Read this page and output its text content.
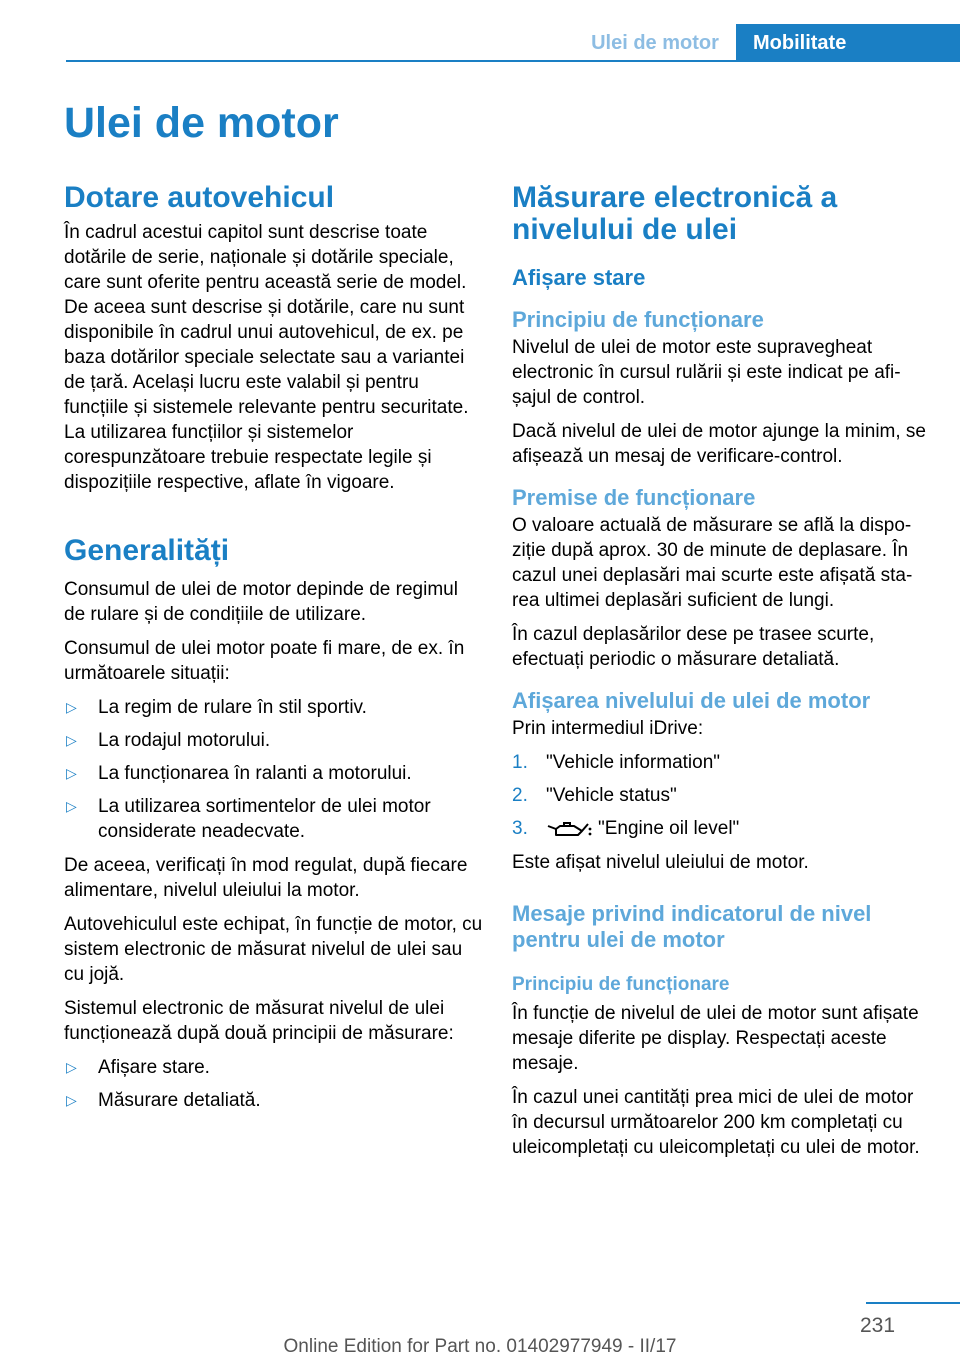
Ulei de motor	Mobilitate
Ulei de motor
Dotare autovehicul

În cadrul acestui capitol sunt descrise toate dotările de serie, naționale și dotările speciale, care sunt oferite pentru această serie de model. De aceea sunt descrise și dotările, care nu sunt disponibile în cadrul unui autovehicul, de ex. pe baza dotărilor speciale selectate sau a variantei de țară. Același lucru este valabil și pentru funcțiile și sistemele relevante pentru securitate. La utilizarea funcțiilor și sistemelor corespunzătoare trebuie respectate legile și dispozițiile respective, aflate în vigoare.

Generalități

Consumul de ulei de motor depinde de regimul de rulare și de condițiile de utilizare.

Consumul de ulei motor poate fi mare, de ex. în următoarele situații:

▷ La regim de rulare în stil sportiv.
▷ La rodajul motorului.
▷ La funcționarea în ralanti a motorului.
▷ La utilizarea sortimentelor de ulei motor considerate neadecvate.

De aceea, verificați în mod regulat, după fiecare alimentare, nivelul uleiului la motor.

Autovehiculul este echipat, în funcție de motor, cu sistem electronic de măsurat nivelul de ulei sau cu jojă.

Sistemul electronic de măsurat nivelul de ulei funcționează după două principii de măsurare:

▷ Afișare stare.
▷ Măsurare detaliată.
Măsurare electronică a nivelului de ulei
Afișare stare
Principiu de funcționare

Nivelul de ulei de motor este supravegheat electronic în cursul rulării și este indicat pe afișajul de control.

Dacă nivelul de ulei de motor ajunge la minim, se afișează un mesaj de verificare-control.

Premise de funcționare

O valoare actuală de măsurare se află la dispoziție după aprox. 30 de minute de deplasare. În cazul unei deplasări mai scurte este afișată starea ultimei deplasări suficient de lungi.

În cazul deplasărilor dese pe trasee scurte, efectuați periodic o măsurare detaliată.

Afișarea nivelului de ulei de motor

Prin intermediul iDrive:

1. "Vehicle information"
2. "Vehicle status"
3.	"Engine oil level"

Este afișat nivelul uleiului de motor.

Mesaje privind indicatorul de nivel pentru ulei de motor
Principiu de funcționare

În funcție de nivelul de ulei de motor sunt afișate mesaje diferite pe display. Respectați aceste mesaje.

În cazul unei cantități prea mici de ulei de motor în decursul următoarelor 200 km completați cu uleicompletați cu uleicompletați cu ulei de motor.

231
Online Edition for Part no. 01402977949 - II/17
